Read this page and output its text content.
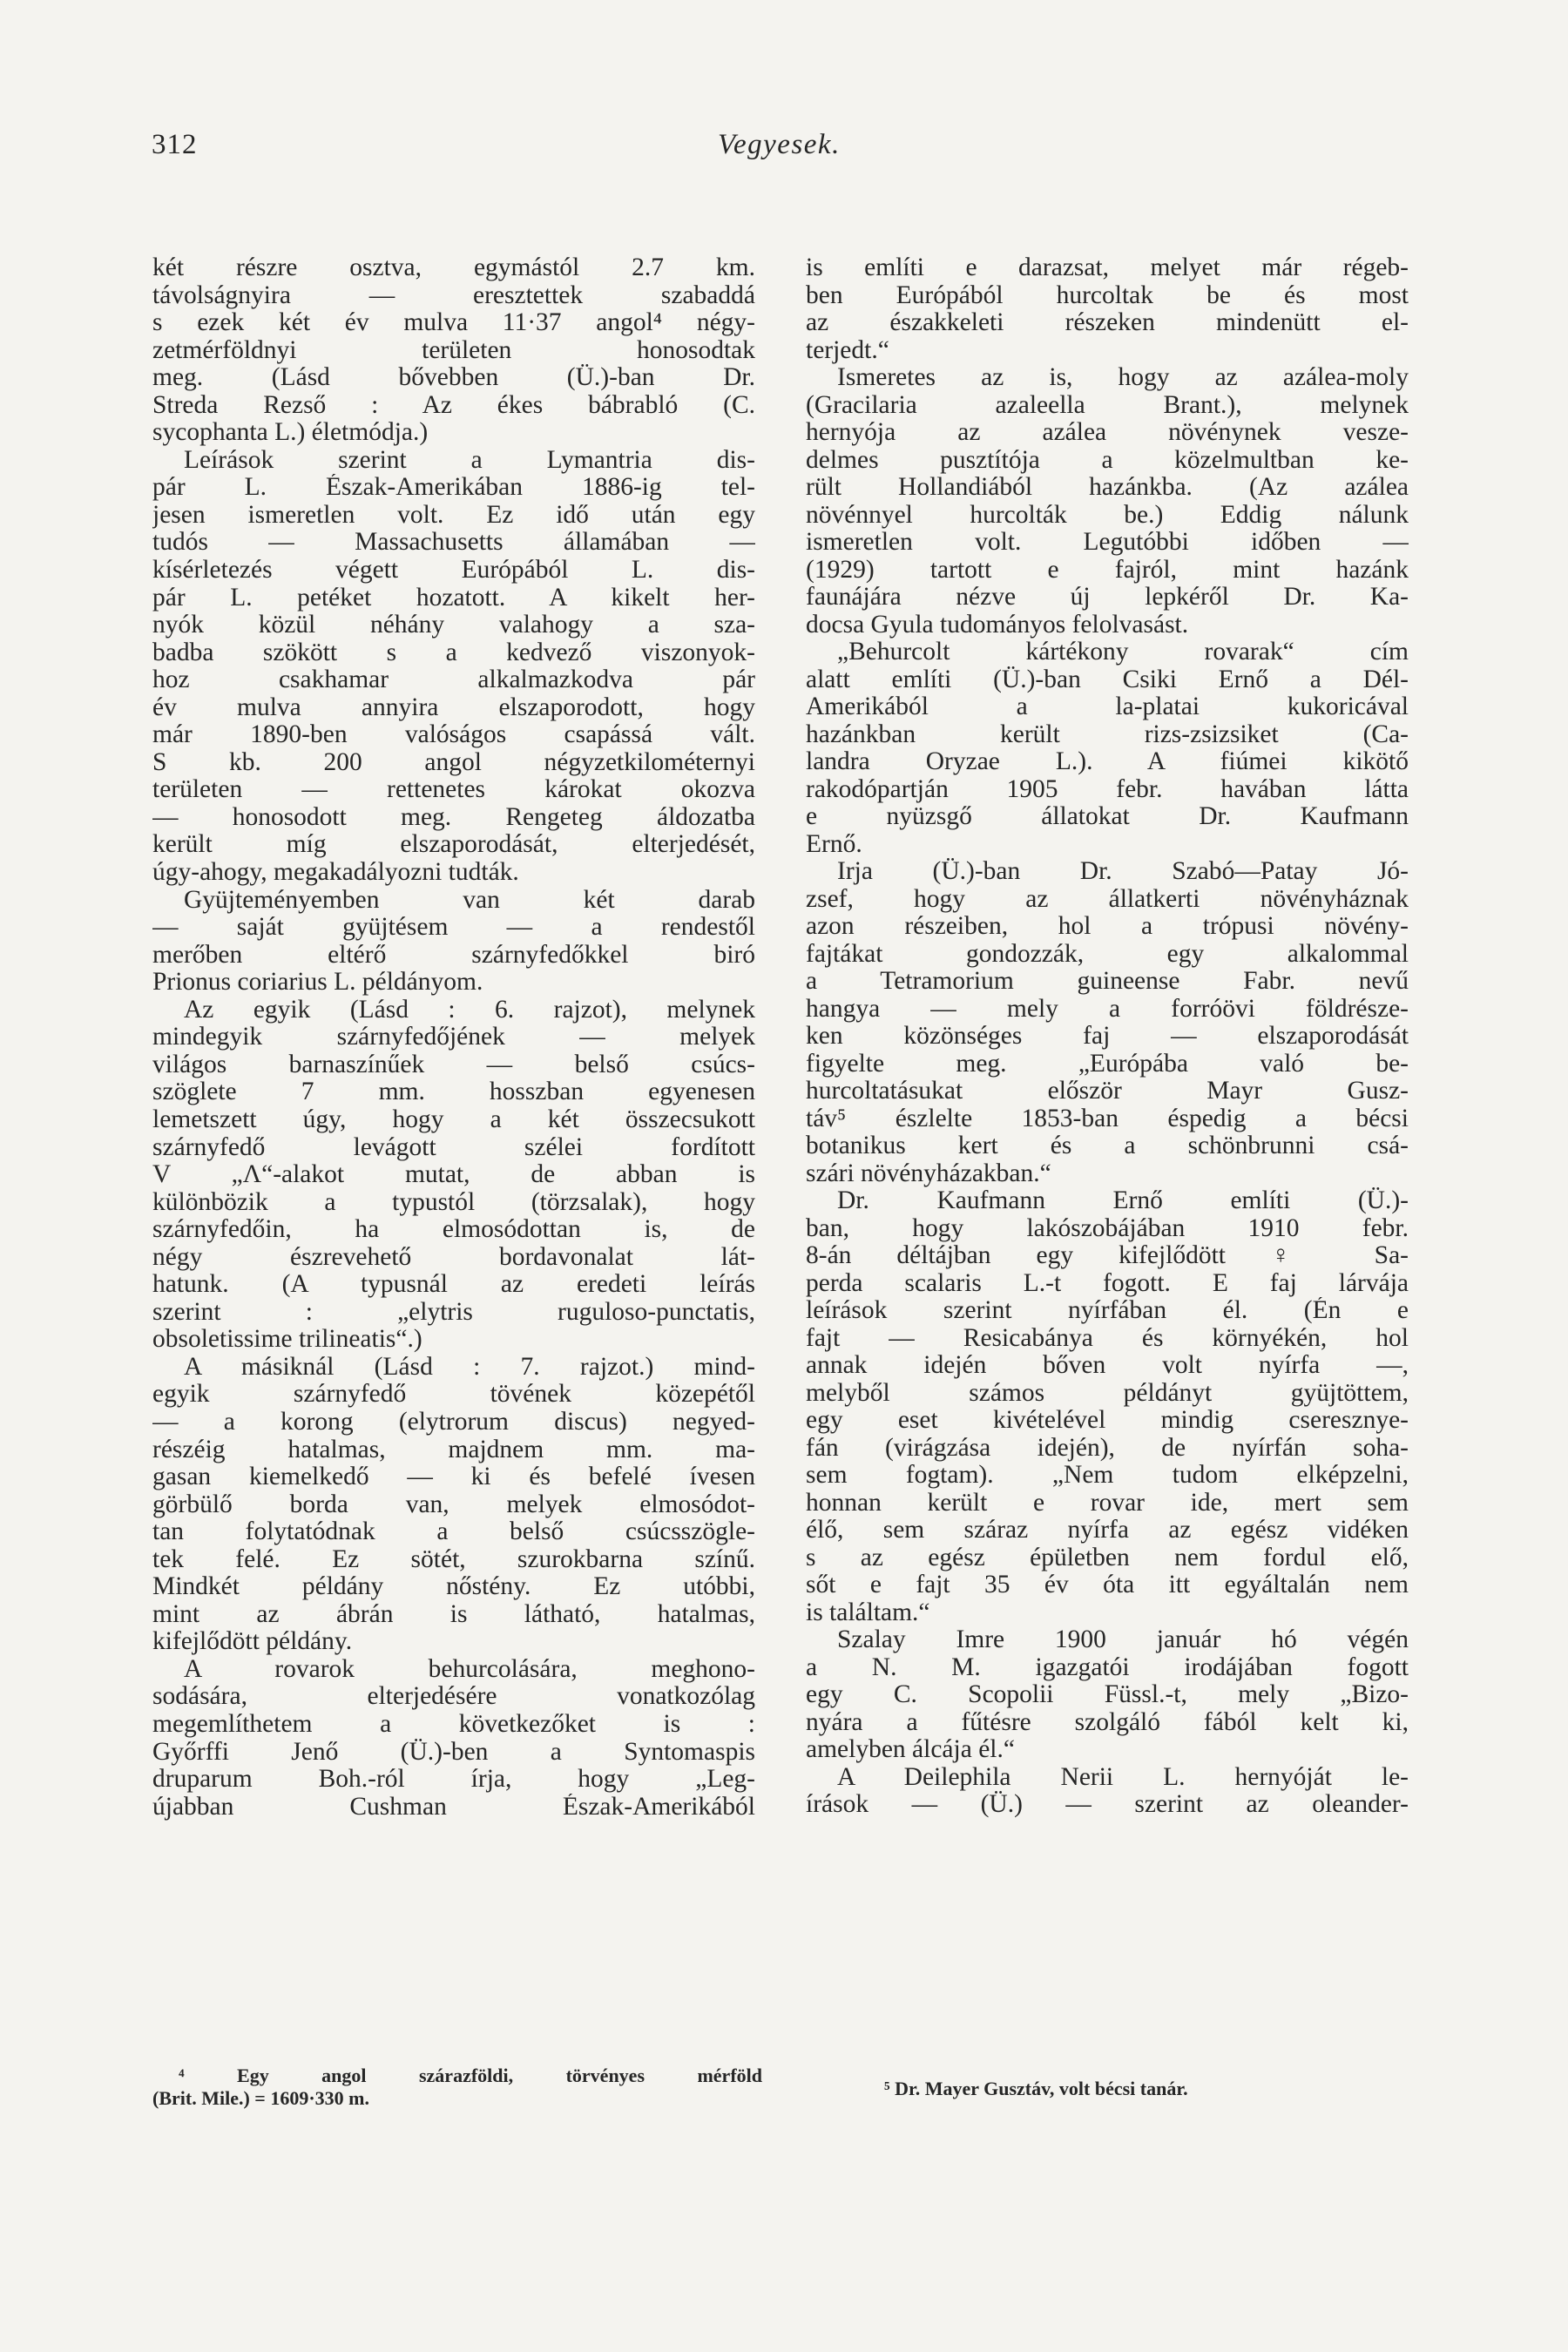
312	Vegyesek.
két részre osztva, egymástól 2.7 km.
távolságnyira — eresztettek szabaddá
s ezek két év mulva 11·37 angol⁴ négy-
zetmérföldnyi területen honosodtak
meg. (Lásd bővebben (Ü.)-ban Dr.
Streda Rezső : Az ékes bábrabló (C.
sycophanta L.) életmódja.)
Leírások szerint a Lymantria dis-
pár L. Észak-Amerikában 1886-ig tel-
jesen ismeretlen volt. Ez idő után egy
tudós — Massachusetts államában —
kísérletezés végett Európából L. dis-
pár L. petéket hozatott. A kikelt her-
nyók közül néhány valahogy a sza-
badba szökött s a kedvező viszonyok-
hoz csakhamar alkalmazkodva pár
év mulva annyira elszaporodott, hogy
már 1890-ben valóságos csapássá vált.
S kb. 200 angol négyzetkilométernyi
területen — rettenetes károkat okozva
— honosodott meg. Rengeteg áldozatba
került míg elszaporodását, elterjedését,
úgy-ahogy, megakadályozni tudták.
Gyüjteményemben van két darab
— saját gyüjtésem — a rendestől
merőben eltérő szárnyfedőkkel biró
Prionus coriarius L. példányom.
Az egyik (Lásd : 6. rajzot), melynek
mindegyik szárnyfedőjének — melyek
világos barnaszínűek — belső csúcs-
szöglete 7 mm. hosszban egyenesen
lemetszett úgy, hogy a két összecsukott
szárnyfedő levágott szélei fordított
V „Λ“-alakot mutat, de abban is
különbözik a typustól (törzsalak), hogy
szárnyfedőin, ha elmosódottan is, de
négy észrevehető bordavonalat lát-
hatunk. (A typusnál az eredeti leírás
szerint : „elytris ruguloso-punctatis,
obsoletissime trilineatis“.)
A másiknál (Lásd : 7. rajzot.) mind-
egyik szárnyfedő tövének közepétől
— a korong (elytrorum discus) negyed-
részéig hatalmas, majdnem mm. ma-
gasan kiemelkedő — ki és befelé ívesen
görbülő borda van, melyek elmosódot-
tan folytatódnak a belső csúcsszögle-
tek felé. Ez sötét, szurokbarna színű.
Mindkét példány nőstény. Ez utóbbi,
mint az ábrán is látható, hatalmas,
kifejlődött példány.
A rovarok behurcolására, meghono-
sodására, elterjedésére vonatkozólag
megemlíthetem a következőket is :
Győrffi Jenő (Ü.)-ben a Syntomaspis
druparum Boh.-ról írja, hogy „Leg-
újabban Cushman Észak-Amerikából
is említi e darazsat, melyet már régeb-
ben Európából hurcoltak be és most
az északkeleti részeken mindenütt el-
terjedt.“
Ismeretes az is, hogy az azálea-moly
(Gracilaria azaleella Brant.), melynek
hernyója az azálea növénynek vesze-
delmes pusztítója a közelmultban ke-
rült Hollandiából hazánkba. (Az azálea
növénnyel hurcolták be.) Eddig nálunk
ismeretlen volt. Legutóbbi időben —
(1929) tartott e fajról, mint hazánk
faunájára nézve új lepkéről Dr. Ka-
docsa Gyula tudományos felolvasást.
„Behurcolt kártékony rovarak“ cím
alatt említi (Ü.)-ban Csiki Ernő a Dél-
Amerikából a la-platai kukoricával
hazánkban került rizs-zsizsiket (Ca-
landra Oryzae L.). A fiúmei kikötő
rakodópartján 1905 febr. havában látta
e nyüzsgő állatokat Dr. Kaufmann
Ernő.
Irja (Ü.)-ban Dr. Szabó—Patay Jó-
zsef, hogy az állatkerti növényháznak
azon részeiben, hol a trópusi növény-
fajtákat gondozzák, egy alkalommal
a Tetramorium guineense Fabr. nevű
hangya — mely a forróövi földrésze-
ken közönséges faj — elszaporodását
figyelte meg. „Európába való be-
hurcoltatásukat először Mayr Gusz-
táv⁵ észlelte 1853-ban éspedig a bécsi
botanikus kert és a schönbrunni csá-
szári növényházakban.“
Dr. Kaufmann Ernő említi (Ü.)-
ban, hogy lakószobájában 1910 febr.
8-án déltájban egy kifejlődött ♀ Sa-
perda scalaris L.-t fogott. E faj lárvája
leírások szerint nyírfában él. (Én e
fajt — Resicabánya és környékén, hol
annak idején bőven volt nyírfa —,
melyből számos példányt gyüjtöttem,
egy eset kivételével mindig cseresznye-
fán (virágzása idején), de nyírfán soha-
sem fogtam). „Nem tudom elképzelni,
honnan került e rovar ide, mert sem
élő, sem száraz nyírfa az egész vidéken
s az egész épületben nem fordul elő,
sőt e fajt 35 év óta itt egyáltalán nem
is találtam.“
Szalay Imre 1900 január hó végén
a N. M. igazgatói irodájában fogott
egy C. Scopolii Füssl.-t, mely „Bizo-
nyára a fűtésre szolgáló fából kelt ki,
amelyben álcája él.“
A Deilephila Nerii L. hernyóját le-
írások — (Ü.) — szerint az oleander-
⁴ Egy angol szárazföldi, törvényes mérföld
(Brit. Mile.) = 1609·330 m.	⁵ Dr. Mayer Gusztáv, volt bécsi tanár.
